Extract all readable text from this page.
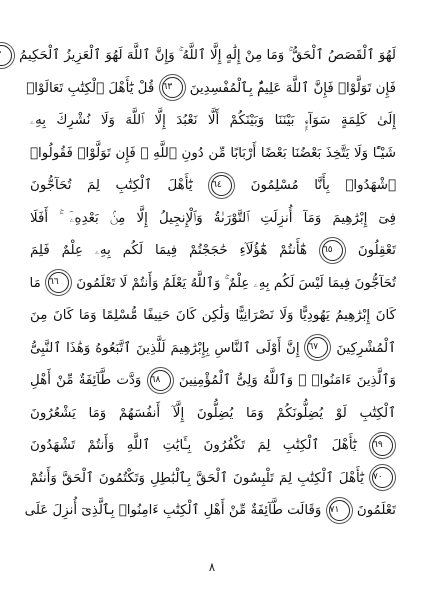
لَهُوَ ٱلْقَصَصُ ٱلْحَقُّ ۚ وَمَا مِنْ إِلَٰهٍ إِلَّا ٱللَّهُ ۚ وَإِنَّ ٱللَّهَ لَهُوَ ٱلْعَزِيزُ ٱلْحَكِيمُ
فَإِن تَوَلَّوْا۟ فَإِنَّ ٱللَّهَ عَلِيمٌۢ بِٱلْمُفْسِدِينَ ٦٣ قُلْ يَٰٓأَهْلَ ٱلْكِتَٰبِ تَعَالَوْا۟
إِلَىٰ كَلِمَةٍ سَوَآءٍۭ بَيْنَنَا وَبَيْنَكُمْ أَلَّا نَعْبُدَ إِلَّا ٱللَّهَ وَلَا نُشْرِكَ بِهِۦ
شَيْـًٔا وَلَا يَتَّخِذَ بَعْضُنَا بَعْضًا أَرْبَابًا مِّن دُونِ ٱللَّهِ ۚ فَإِن تَوَلَّوْا۟ فَقُولُوا۟
ٱشْهَدُوا۟ بِأَنَّا مُسْلِمُونَ ٦٤ يَٰٓأَهْلَ ٱلْكِتَٰبِ لِمَ تُحَآجُّونَ
فِىٓ إِبْرَٰهِيمَ وَمَآ أُنزِلَتِ ٱلتَّوْرَىٰةُ وَٱلْإِنجِيلُ إِلَّا مِنۢ بَعْدِهِۦٓ ۚ أَفَلَا
تَعْقِلُونَ ٦٥ هَٰٓأَنتُمْ هَٰٓؤُلَآءِ حَٰجَجْتُمْ فِيمَا لَكُم بِهِۦ عِلْمٌ فَلِمَ
تُحَآجُّونَ فِيمَا لَيْسَ لَكُم بِهِۦ عِلْمٌ ۚ وَٱللَّهُ يَعْلَمُ وَأَنتُمْ لَا تَعْلَمُونَ ٦٦ مَا
كَانَ إِبْرَٰهِيمُ يَهُودِيًّا وَلَا نَصْرَانِيًّا وَلَٰكِن كَانَ حَنِيفًا مُّسْلِمًا وَمَا كَانَ مِنَ
ٱلْمُشْرِكِينَ ٦٧ إِنَّ أَوْلَى ٱلنَّاسِ بِإِبْرَٰهِيمَ لَلَّذِينَ ٱتَّبَعُوهُ وَهَٰذَا ٱلنَّبِىُّ
وَٱلَّذِينَ ءَامَنُوا۟ ۗ وَٱللَّهُ وَلِىُّ ٱلْمُؤْمِنِينَ ٦٨ وَدَّت طَّآئِفَةٌ مِّنْ أَهْلِ
ٱلْكِتَٰبِ لَوْ يُضِلُّونَكُمْ وَمَا يُضِلُّونَ إِلَّآ أَنفُسَهُمْ وَمَا يَشْعُرُونَ
٦٩ يَٰٓأَهْلَ ٱلْكِتَٰبِ لِمَ تَكْفُرُونَ بِـَٔايَٰتِ ٱللَّهِ وَأَنتُمْ تَشْهَدُونَ
٧٠ يَٰٓأَهْلَ ٱلْكِتَٰبِ لِمَ تَلْبِسُونَ ٱلْحَقَّ بِٱلْبَٰطِلِ وَتَكْتُمُونَ ٱلْحَقَّ وَأَنتُمْ
تَعْلَمُونَ ٧١ وَقَالَت طَّآئِفَةٌ مِّنْ أَهْلِ ٱلْكِتَٰبِ ءَامِنُوا۟ بِٱلَّذِىٓ أُنزِلَ عَلَى
٨
